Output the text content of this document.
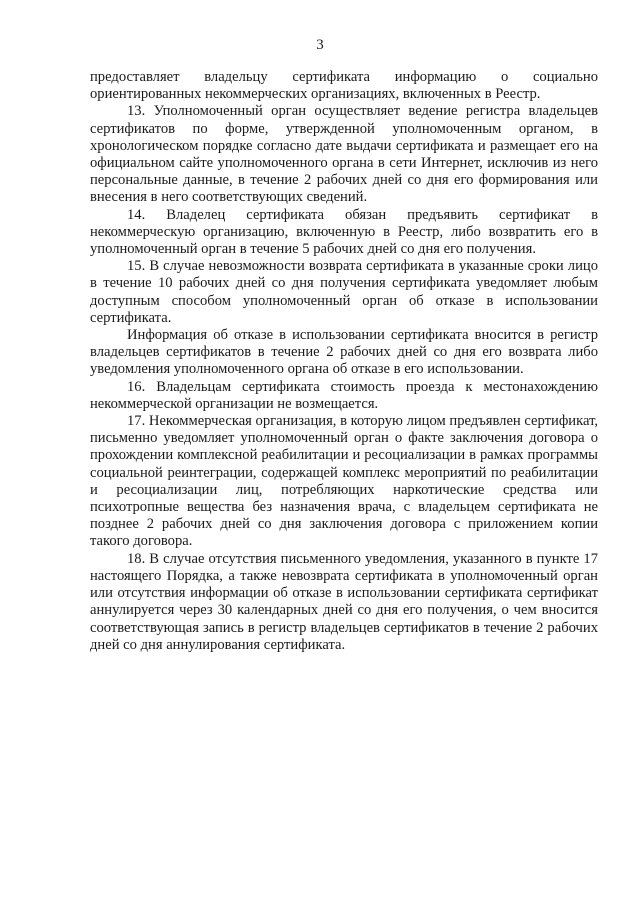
3

предоставляет владельцу сертификата информацию о социально ориентированных некоммерческих организациях, включенных в Реестр.

13. Уполномоченный орган осуществляет ведение регистра владельцев сертификатов по форме, утвержденной уполномоченным органом, в хронологическом порядке согласно дате выдачи сертификата и размещает его на официальном сайте уполномоченного органа в сети Интернет, исключив из него персональные данные, в течение 2 рабочих дней со дня его формирования или внесения в него соответствующих сведений.

14. Владелец сертификата обязан предъявить сертификат в некоммерческую организацию, включенную в Реестр, либо возвратить его в уполномоченный орган в течение 5 рабочих дней со дня его получения.

15. В случае невозможности возврата сертификата в указанные сроки лицо в течение 10 рабочих дней со дня получения сертификата уведомляет любым доступным способом уполномоченный орган об отказе в использовании сертификата.

Информация об отказе в использовании сертификата вносится в регистр владельцев сертификатов в течение 2 рабочих дней со дня его возврата либо уведомления уполномоченного органа об отказе в его использовании.

16. Владельцам сертификата стоимость проезда к местонахождению некоммерческой организации не возмещается.

17. Некоммерческая организация, в которую лицом предъявлен сертификат, письменно уведомляет уполномоченный орган о факте заключения договора о прохождении комплексной реабилитации и ресоциализации в рамках программы социальной реинтеграции, содержащей комплекс мероприятий по реабилитации и ресоциализации лиц, потребляющих наркотические средства или психотропные вещества без назначения врача, с владельцем сертификата не позднее 2 рабочих дней со дня заключения договора с приложением копии такого договора.

18. В случае отсутствия письменного уведомления, указанного в пункте 17 настоящего Порядка, а также невозврата сертификата в уполномоченный орган или отсутствия информации об отказе в использовании сертификата сертификат аннулируется через 30 календарных дней со дня его получения, о чем вносится соответствующая запись в регистр владельцев сертификатов в течение 2 рабочих дней со дня аннулирования сертификата.
